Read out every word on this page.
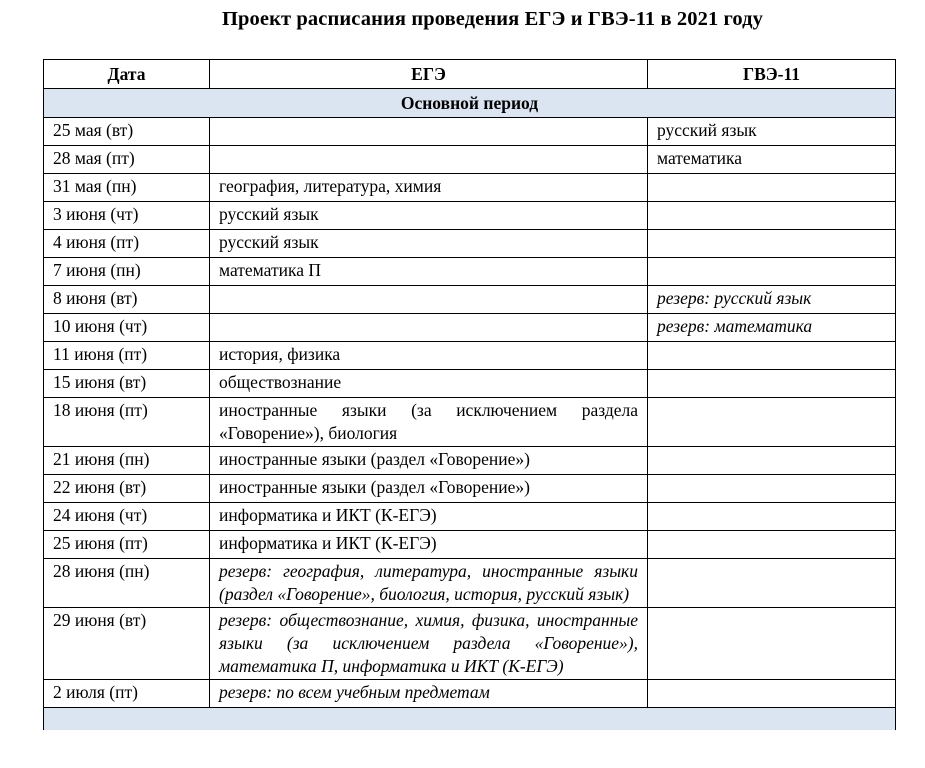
Проект расписания проведения ЕГЭ и ГВЭ-11 в 2021 году
Дата	ЕГЭ	ГВЭ-11
Основной период		
25 мая (вт)		русский язык
28 мая (пт)		математика
31 мая (пн)	география, литература, химия	
3 июня (чт)	русский язык	
4 июня (пт)	русский язык	
7 июня (пн)	математика П	
8 июня (вт)		резерв: русский язык
10 июня (чт)		резерв: математика
11 июня (пт)	история, физика	
15 июня (вт)	обществознание	
18 июня (пт)	иностранные языки (за исключением раздела «Говорение»), биология	
21 июня (пн)	иностранные языки (раздел «Говорение»)	
22 июня (вт)	иностранные языки (раздел «Говорение»)	
24 июня (чт)	информатика и ИКТ (К-ЕГЭ)	
25 июня (пт)	информатика и ИКТ (К-ЕГЭ)	
28 июня (пн)	резерв: география, литература, иностранные языки (раздел «Говорение», биология, история, русский язык)	
29 июня (вт)	резерв: обществознание, химия, физика, иностранные языки (за исключением раздела «Говорение»), математика П, информатика и ИКТ (К-ЕГЭ)	
2 июля (пт)	резерв: по всем учебным предметам	
